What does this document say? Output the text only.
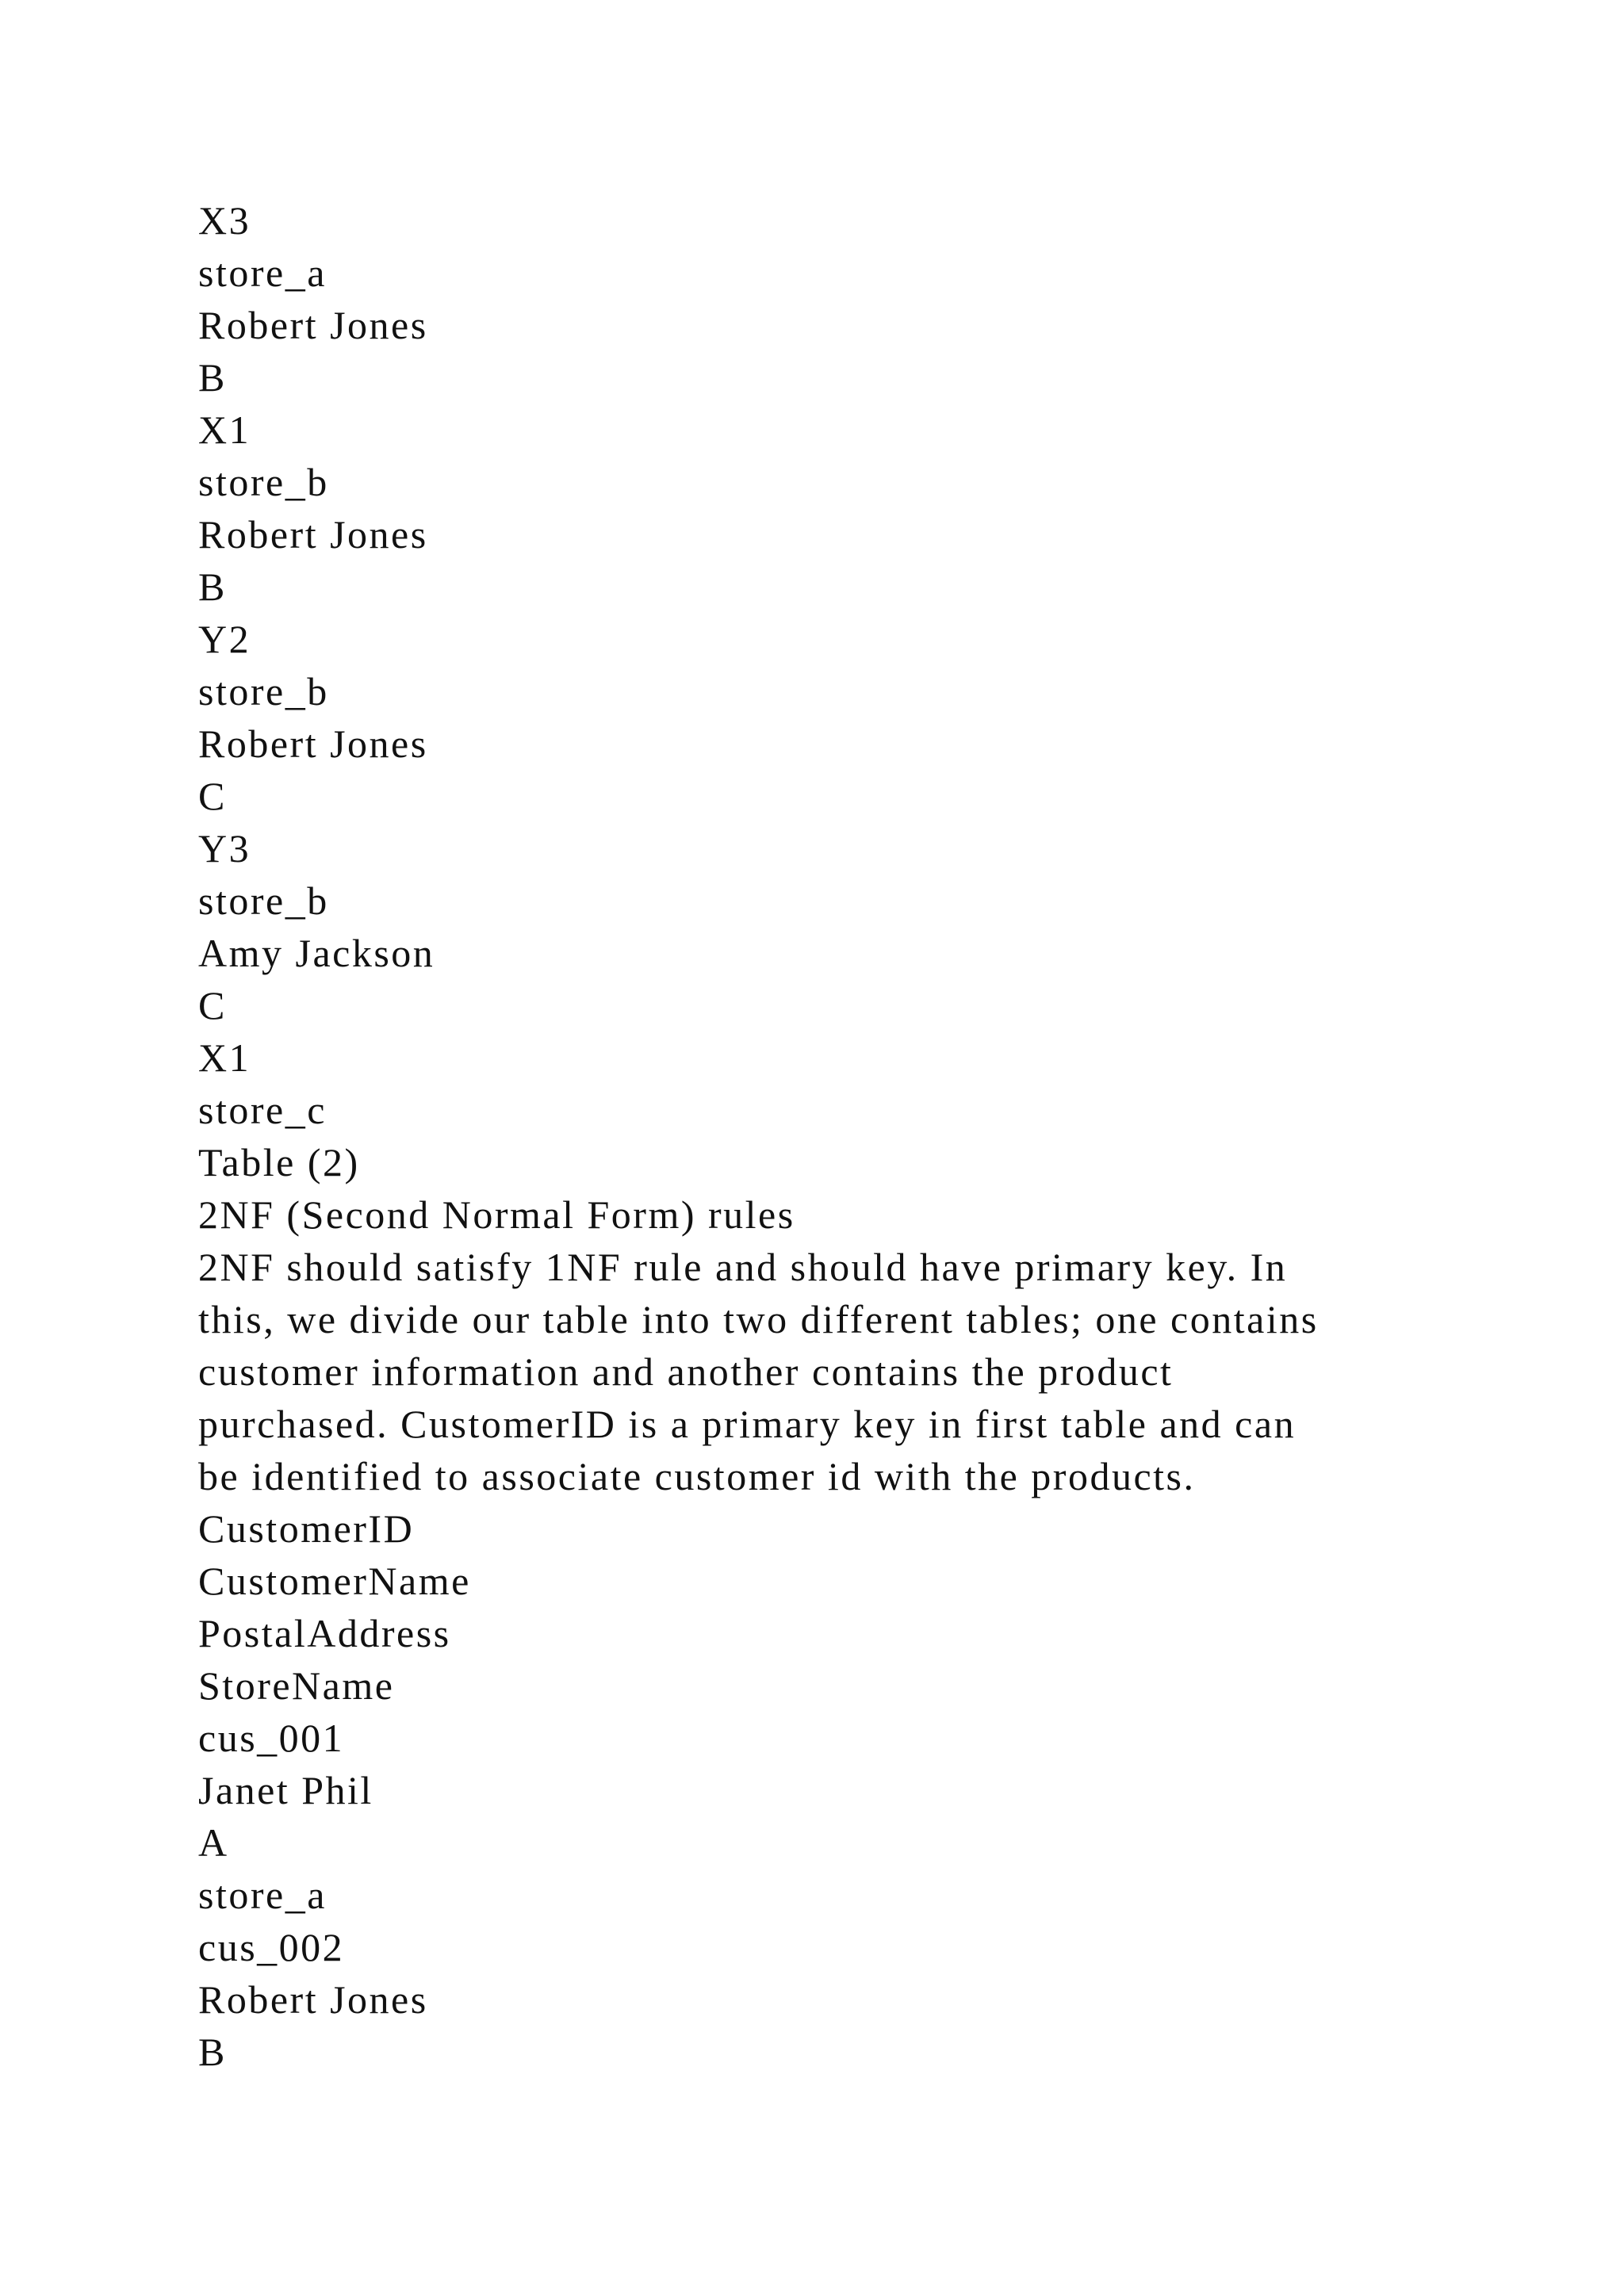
X3
store_a
Robert Jones
B
X1
store_b
Robert Jones
B
Y2
store_b
Robert Jones
C
Y3
store_b
Amy Jackson
C
X1
store_c
Table (2)
2NF (Second Normal Form) rules
2NF should satisfy 1NF rule and should have primary key. In
this, we divide our table into two different tables; one contains
customer information and another contains the product
purchased. CustomerID is a primary key in first table and can
be identified to associate customer id with the products.
CustomerID
CustomerName
PostalAddress
StoreName
cus_001
Janet Phil
A
store_a
cus_002
Robert Jones
B
